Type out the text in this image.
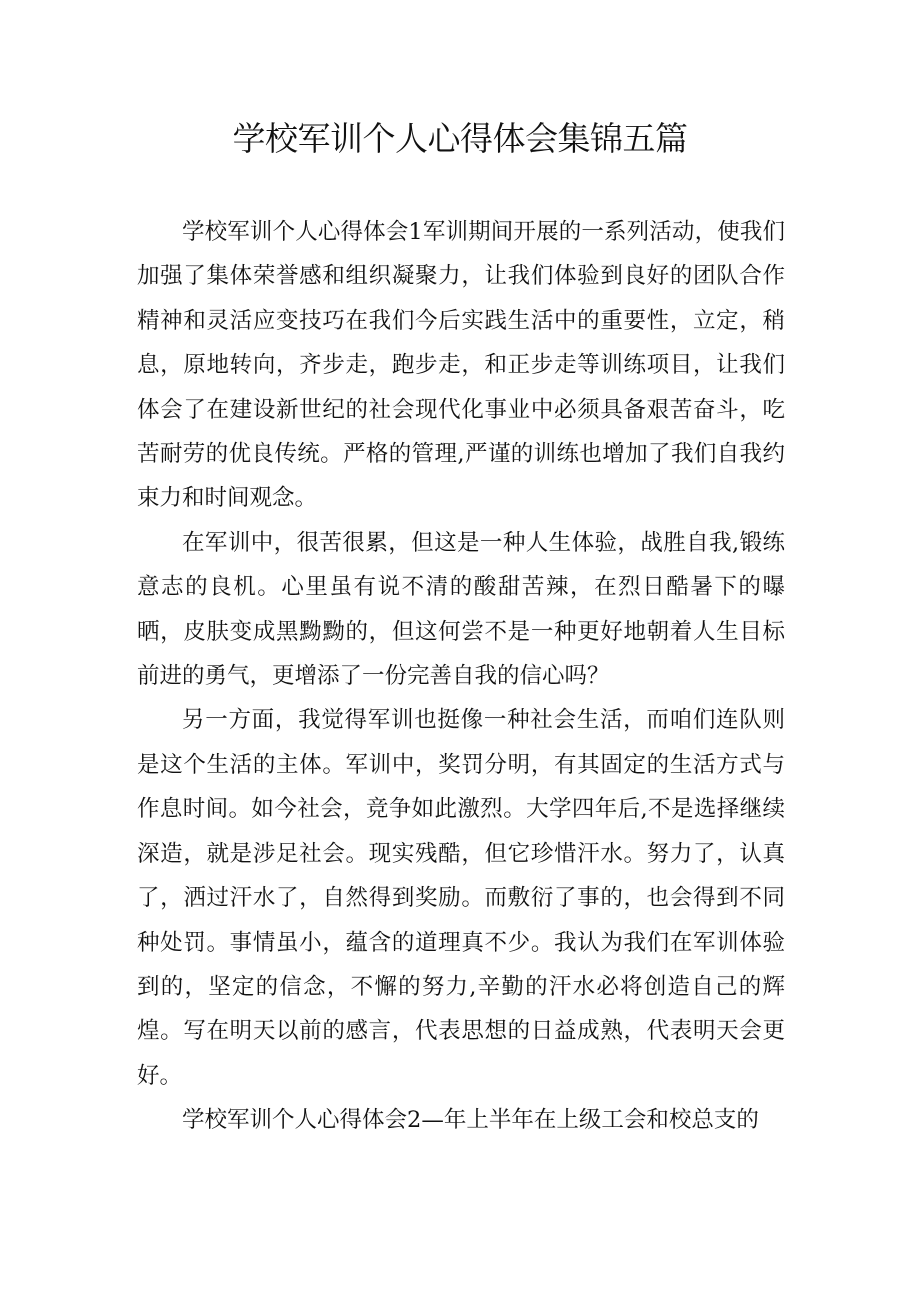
学校军训个人心得体会集锦五篇

学校军训个人心得体会1军训期间开展的一系列活动，使我们加强了集体荣誉感和组织凝聚力，让我们体验到良好的团队合作精神和灵活应变技巧在我们今后实践生活中的重要性，立定，稍息，原地转向，齐步走，跑步走，和正步走等训练项目，让我们体会了在建设新世纪的社会现代化事业中必须具备艰苦奋斗，吃苦耐劳的优良传统。严格的管理,严谨的训练也增加了我们自我约束力和时间观念。

在军训中，很苦很累，但这是一种人生体验，战胜自我,锻练意志的良机。心里虽有说不清的酸甜苦辣，在烈日酷暑下的曝晒，皮肤变成黑黝黝的，但这何尝不是一种更好地朝着人生目标前进的勇气，更增添了一份完善自我的信心吗？

另一方面，我觉得军训也挺像一种社会生活，而咱们连队则是这个生活的主体。军训中，奖罚分明，有其固定的生活方式与作息时间。如今社会，竞争如此激烈。大学四年后,不是选择继续深造，就是涉足社会。现实残酷，但它珍惜汗水。努力了，认真了，洒过汗水了，自然得到奖励。而敷衍了事的，也会得到不同种处罚。事情虽小，蕴含的道理真不少。我认为我们在军训体验到的，坚定的信念，不懈的努力,辛勤的汗水必将创造自己的辉煌。写在明天以前的感言，代表思想的日益成熟，代表明天会更好。

学校军训个人心得体会2—年上半年在上级工会和校总支的
